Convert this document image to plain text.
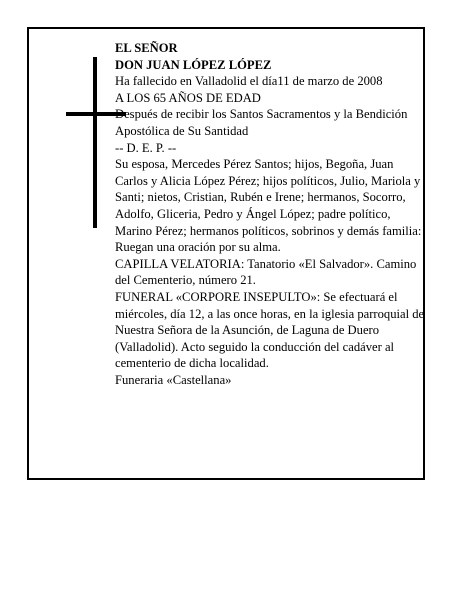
EL SEÑOR
DON JUAN LÓPEZ LÓPEZ
Ha fallecido en Valladolid el día11 de marzo de 2008
A LOS 65 AÑOS DE EDAD
Después de recibir los Santos Sacramentos y la Bendición Apostólica de Su Santidad
-- D. E. P. --
Su esposa, Mercedes Pérez Santos; hijos, Begoña, Juan Carlos y Alicia López Pérez; hijos políticos, Julio, Mariola y Santi; nietos, Cristian, Rubén e Irene; hermanos, Socorro, Adolfo, Gliceria, Pedro y Ángel López; padre político, Marino Pérez; hermanos políticos, sobrinos y demás familia:
Ruegan una oración por su alma.
CAPILLA VELATORIA: Tanatorio «El Salvador». Camino del Cementerio, número 21.
FUNERAL «CORPORE INSEPULTO»: Se efectuará el miércoles, día 12, a las once horas, en la iglesia parroquial de Nuestra Señora de la Asunción, de Laguna de Duero (Valladolid). Acto seguido la conducción del cadáver al cementerio de dicha localidad.
Funeraria «Castellana»
